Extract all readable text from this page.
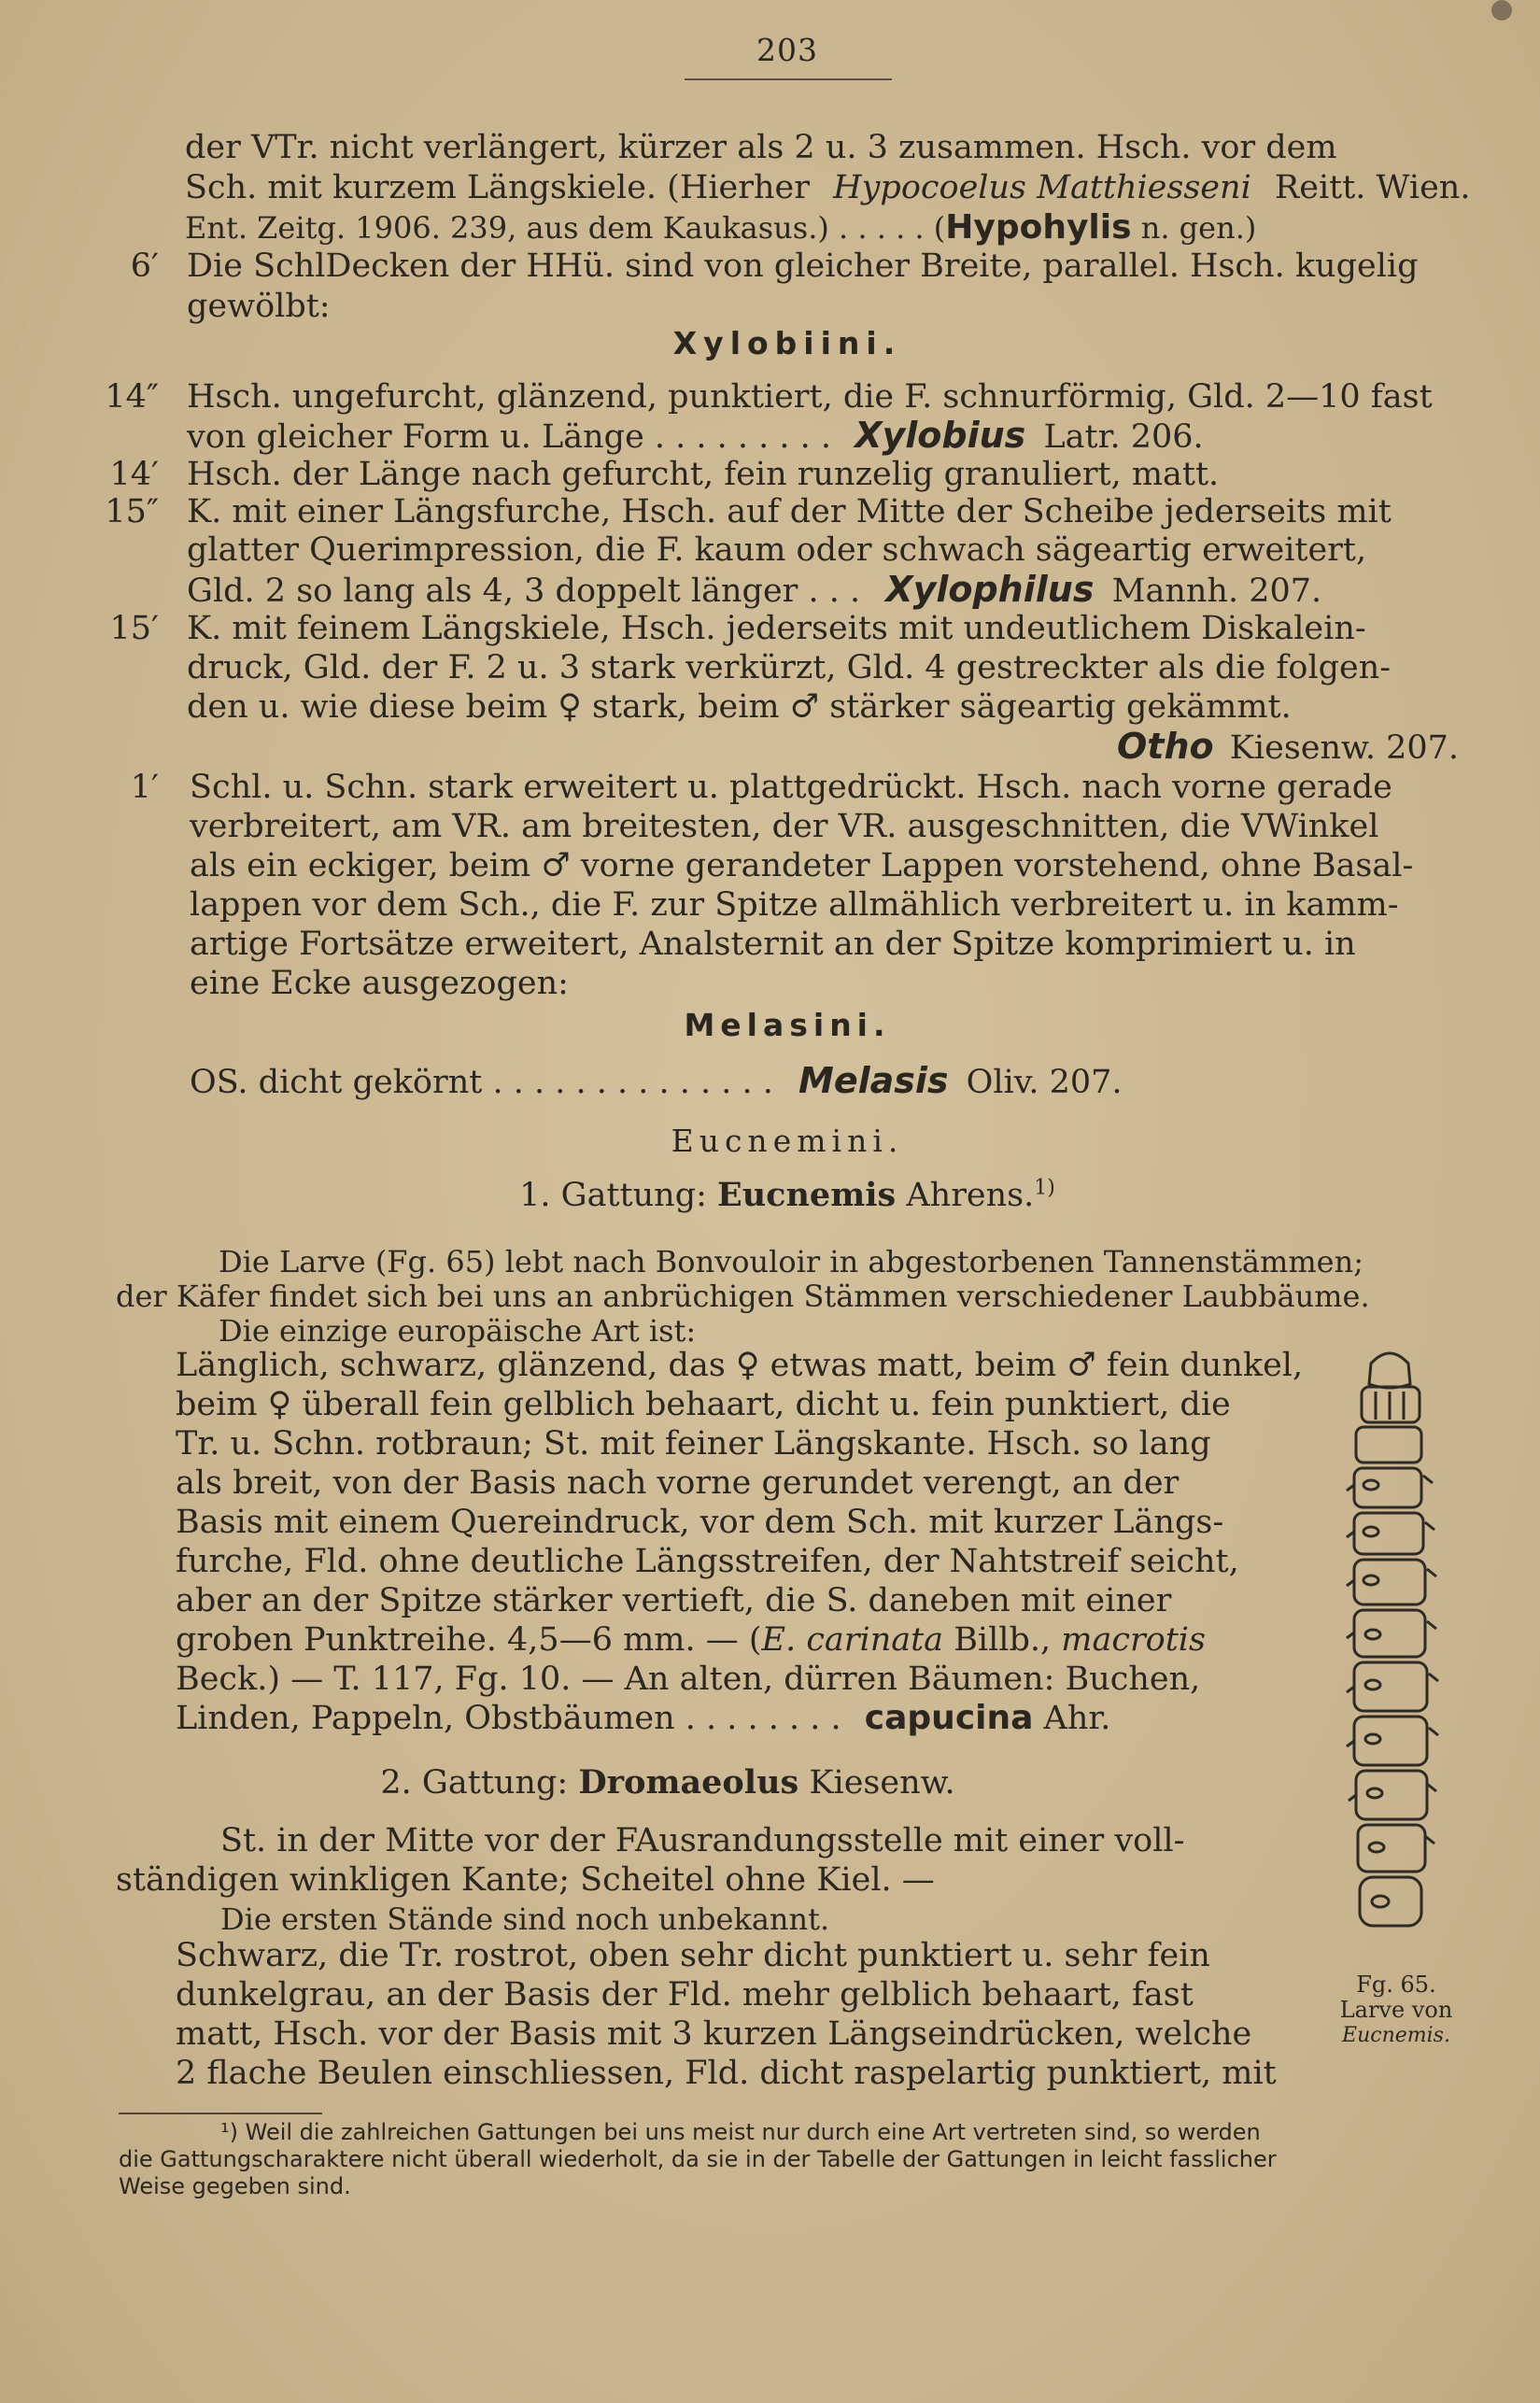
203
der VTr. nicht verlängert, kürzer als 2 u. 3 zusammen. Hsch. vor dem
Sch. mit kurzem Längskiele. (Hierher Hypocoelus Matthiesseni Reitt. Wien.
Ent. Zeitg. 1906. 239, aus dem Kaukasus.) . . . . . (Hypohylis n. gen.)
6′ Die SchlDecken der HHü. sind von gleicher Breite, parallel. Hsch. kugelig
gewölbt:
Xylobiini.
14″ Hsch. ungefurcht, glänzend, punktiert, die F. schnurförmig, Gld. 2—10 fast
von gleicher Form u. Länge . . . . . . . . . Xylobius Latr. 206.
14′ Hsch. der Länge nach gefurcht, fein runzelig granuliert, matt.
15″ K. mit einer Längsfurche, Hsch. auf der Mitte der Scheibe jederseits mit
glatter Querimpression, die F. kaum oder schwach sägeartig erweitert,
Gld. 2 so lang als 4, 3 doppelt länger . . . Xylophilus Mannh. 207.
15′ K. mit feinem Längskiele, Hsch. jederseits mit undeutlichem Diskalein-
druck, Gld. der F. 2 u. 3 stark verkürzt, Gld. 4 gestreckter als die folgen-
den u. wie diese beim ♀ stark, beim ♂ stärker sägeartig gekämmt.
Otho Kiesenw. 207.
1′ Schl. u. Schn. stark erweitert u. plattgedrückt. Hsch. nach vorne gerade
verbreitert, am VR. am breitesten, der VR. ausgeschnitten, die VWinkel
als ein eckiger, beim ♂ vorne gerandeter Lappen vorstehend, ohne Basal-
lappen vor dem Sch., die F. zur Spitze allmählich verbreitert u. in kamm-
artige Fortsätze erweitert, Analsternit an der Spitze komprimiert u. in
eine Ecke ausgezogen:
Melasini.
OS. dicht gekörnt . . . . . . . . . . . . . . Melasis Oliv. 207.
Eucnemini.
1. Gattung: Eucnemis Ahrens.$^{1)}$
Die Larve (Fg. 65) lebt nach Bonvouloir in abgestorbenen Tannenstämmen;
der Käfer findet sich bei uns an anbrüchigen Stämmen verschiedener Laubbäume.
Die einzige europäische Art ist:
Länglich, schwarz, glänzend, das ♀ etwas matt, beim ♂ fein dunkel,
beim ♀ überall fein gelblich behaart, dicht u. fein punktiert, die
Tr. u. Schn. rotbraun; St. mit feiner Längskante. Hsch. so lang
als breit, von der Basis nach vorne gerundet verengt, an der
Basis mit einem Quereindruck, vor dem Sch. mit kurzer Längs-
furche, Fld. ohne deutliche Längsstreifen, der Nahtstreif seicht,
aber an der Spitze stärker vertieft, die S. daneben mit einer
groben Punktreihe. 4,5—6 mm. — (E. carinata Billb., macrotis
Beck.) — T. 117, Fg. 10. — An alten, dürren Bäumen: Buchen,
Linden, Pappeln, Obstbäumen . . . . . . . . capucina Ahr.
2. Gattung: Dromaeolus Kiesenw.
St. in der Mitte vor der FAusrandungsstelle mit einer voll-
ständigen winkligen Kante; Scheitel ohne Kiel. —
Die ersten Stände sind noch unbekannt.
Schwarz, die Tr. rostrot, oben sehr dicht punktiert u. sehr fein
dunkelgrau, an der Basis der Fld. mehr gelblich behaart, fast
matt, Hsch. vor der Basis mit 3 kurzen Längseindrücken, welche
2 flache Beulen einschliessen, Fld. dicht raspelartig punktiert, mit
Fg. 65.
Larve von
Eucnemis.
¹) Weil die zahlreichen Gattungen bei uns meist nur durch eine Art vertreten sind, so werden
die Gattungscharaktere nicht überall wiederholt, da sie in der Tabelle der Gattungen in leicht fasslicher
Weise gegeben sind.
